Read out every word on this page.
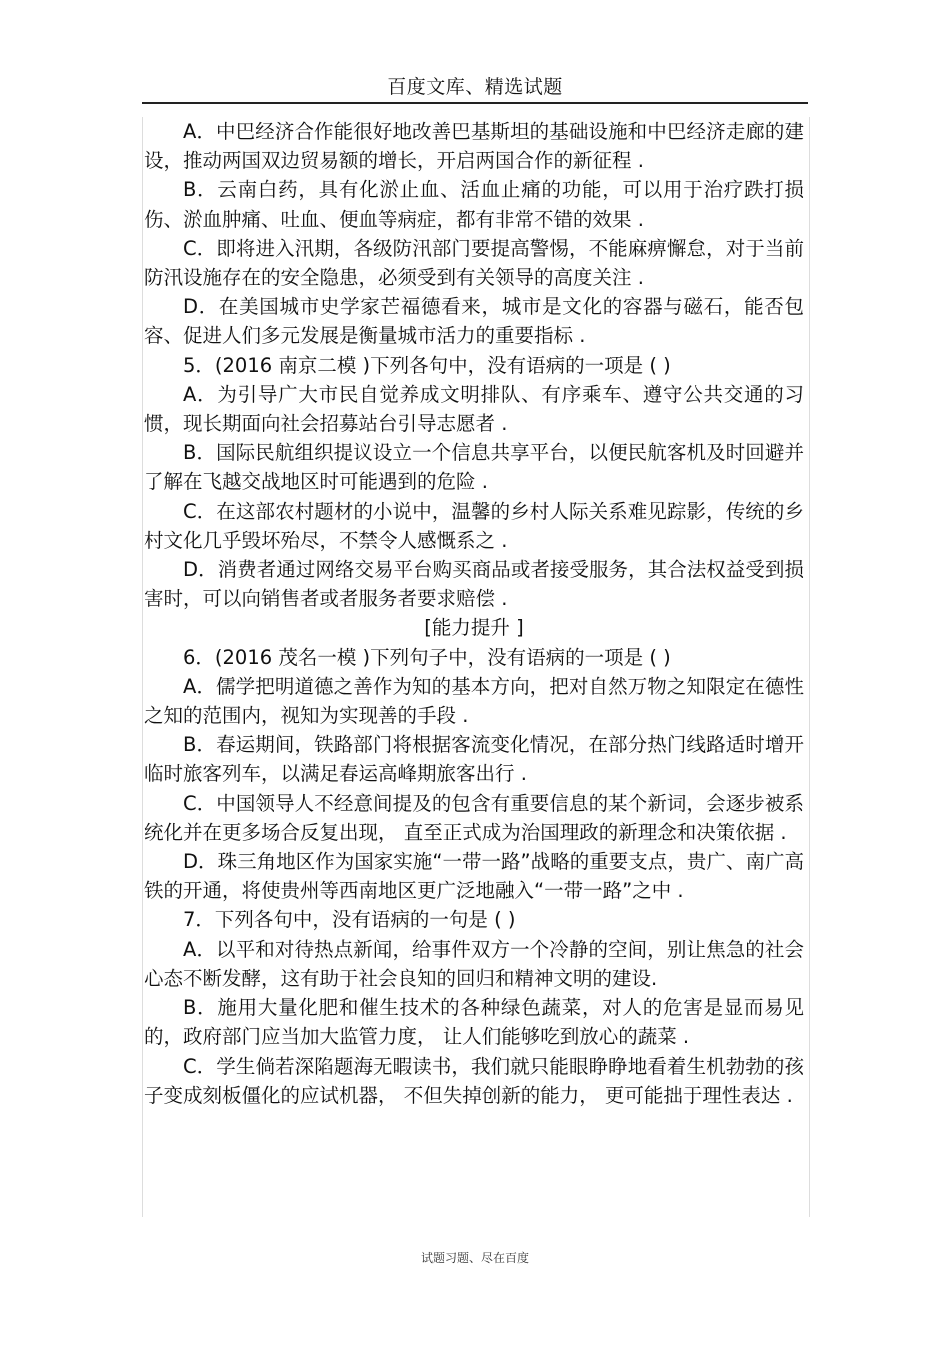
百度文库、精选试题

A．中巴经济合作能很好地改善巴基斯坦的基础设施和中巴经济走廊的建设，推动两国双边贸易额的增长，开启两国合作的新征程 .

B．云南白药，具有化淤止血、活血止痛的功能，可以用于治疗跌打损伤、淤血肿痛、吐血、便血等病症，都有非常不错的效果 .

C．即将进入汛期，各级防汛部门要提高警惕，不能麻痹懈怠，对于当前防汛设施存在的安全隐患，必须受到有关领导的高度关注 .

D．在美国城市史学家芒福德看来，城市是文化的容器与磁石，能否包容、促进人们多元发展是衡量城市活力的重要指标 .

5．(2016 南京二模 )下列各句中，没有语病的一项是 ( )

A．为引导广大市民自觉养成文明排队、有序乘车、遵守公共交通的习惯，现长期面向社会招募站台引导志愿者 .

B．国际民航组织提议设立一个信息共享平台，以便民航客机及时回避并了解在飞越交战地区时可能遇到的危险 .

C．在这部农村题材的小说中，温馨的乡村人际关系难见踪影，传统的乡村文化几乎毁坏殆尽，不禁令人感慨系之 .

D．消费者通过网络交易平台购买商品或者接受服务，其合法权益受到损害时，可以向销售者或者服务者要求赔偿 .

[能力提升 ]

6．(2016 茂名一模 )下列句子中，没有语病的一项是 ( )

A．儒学把明道德之善作为知的基本方向，把对自然万物之知限定在德性之知的范围内，视知为实现善的手段 .

B．春运期间，铁路部门将根据客流变化情况，在部分热门线路适时增开临时旅客列车，以满足春运高峰期旅客出行 .

C．中国领导人不经意间提及的包含有重要信息的某个新词，会逐步被系统化并在更多场合反复出现， 直至正式成为治国理政的新理念和决策依据 .

D．珠三角地区作为国家实施“一带一路”战略的重要支点，贵广、南广高铁的开通，将使贵州等西南地区更广泛地融入“一带一路”之中 .

7．下列各句中，没有语病的一句是 ( )

A．以平和对待热点新闻，给事件双方一个冷静的空间，别让焦急的社会心态不断发酵，这有助于社会良知的回归和精神文明的建设.

B．施用大量化肥和催生技术的各种绿色蔬菜，对人的危害是显而易见的，政府部门应当加大监管力度， 让人们能够吃到放心的蔬菜 .

C．学生倘若深陷题海无暇读书，我们就只能眼睁睁地看着生机勃勃的孩子变成刻板僵化的应试机器， 不但失掉创新的能力， 更可能拙于理性表达 .

试题习题、尽在百度
